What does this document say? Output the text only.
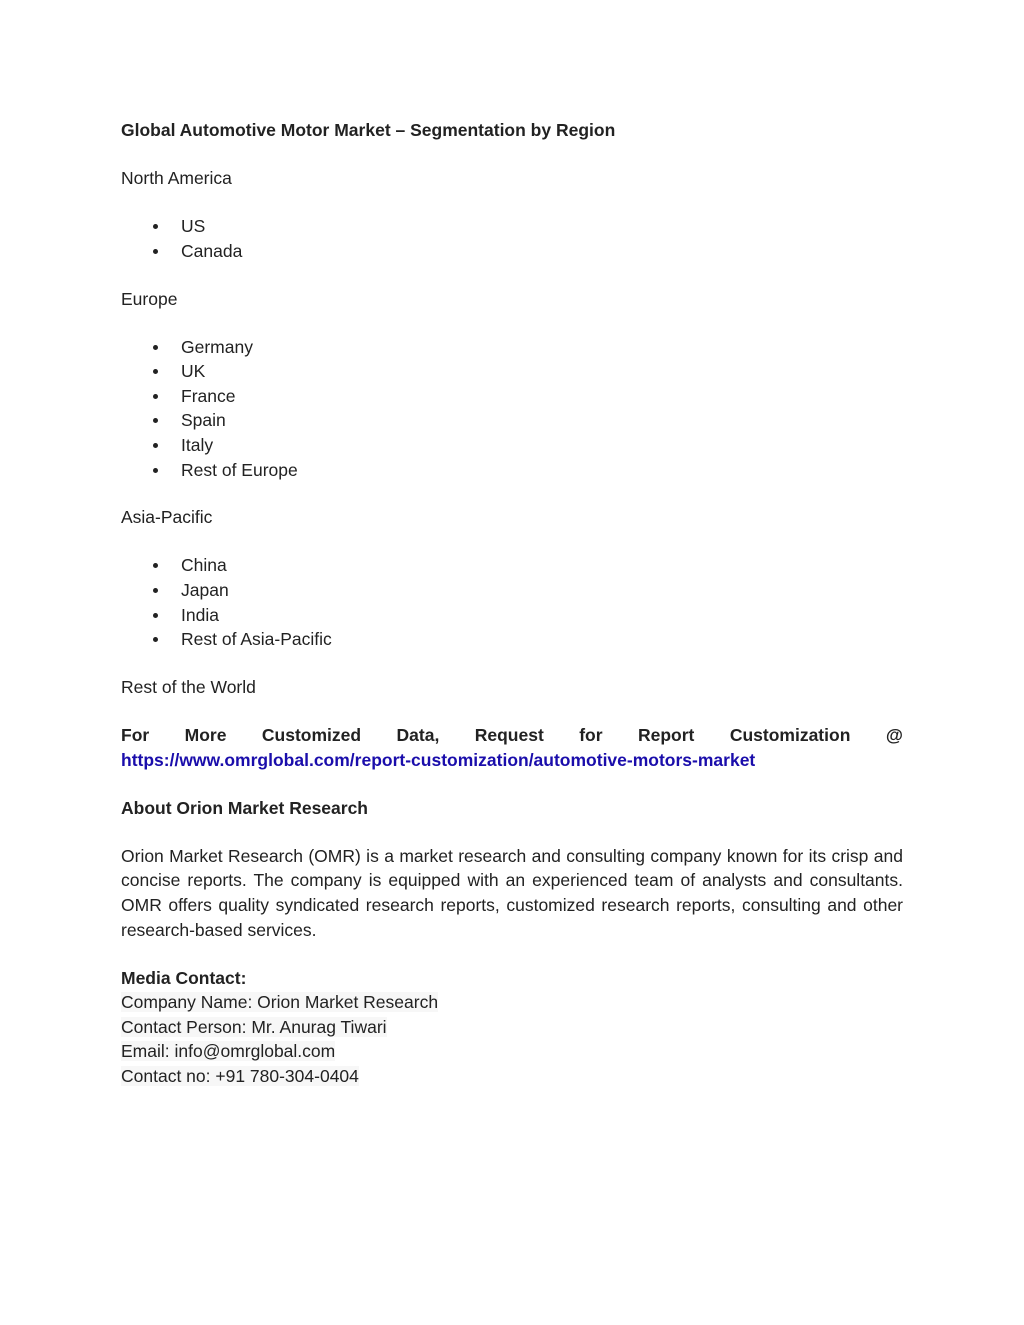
Global Automotive Motor Market – Segmentation by Region

North America

US
Canada

Europe

Germany
UK
France
Spain
Italy
Rest of Europe

Asia-Pacific

China
Japan
India
Rest of Asia-Pacific

Rest of the World

For More Customized Data, Request for Report Customization @
https://www.omrglobal.com/report-customization/automotive-motors-market

About Orion Market Research

Orion Market Research (OMR) is a market research and consulting company known for its crisp and concise reports. The company is equipped with an experienced team of analysts and consultants. OMR offers quality syndicated research reports, customized research reports, consulting and other research-based services.

Media Contact:

Company Name: Orion Market Research

Contact Person: Mr. Anurag Tiwari

Email: info@omrglobal.com

Contact no: +91 780-304-0404
